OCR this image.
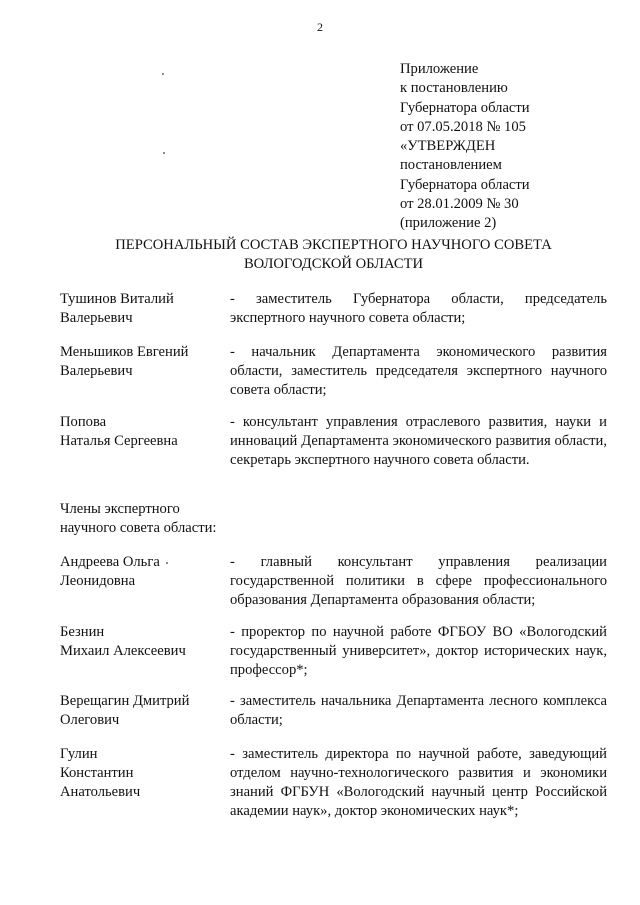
2
Приложение
к постановлению
Губернатора области
от 07.05.2018 № 105
«УТВЕРЖДЕН
постановлением
Губернатора области
от 28.01.2009 № 30
(приложение 2)
ПЕРСОНАЛЬНЫЙ СОСТАВ ЭКСПЕРТНОГО НАУЧНОГО СОВЕТА
ВОЛОГОДСКОЙ ОБЛАСТИ
Тушинов Виталий
Валерьевич
- заместитель Губернатора области, председатель экспертного научного совета области;
Меньшиков Евгений
Валерьевич
- начальник Департамента экономического развития области, заместитель председателя экспертного научного совета области;
Попова
Наталья Сергеевна
- консультант управления отраслевого развития, науки и инноваций Департамента экономического развития области, секретарь экспертного научного совета области.
Члены экспертного
научного совета области:
Андреева Ольга
Леонидовна
- главный консультант управления реализации государственной политики в сфере профессионального образования Департамента образования области;
Безнин
Михаил Алексеевич
- проректор по научной работе ФГБОУ ВО «Вологодский государственный университет», доктор исторических наук, профессор*;
Верещагин Дмитрий
Олегович
- заместитель начальника Департамента лесного комплекса области;
Гулин
Константин
Анатольевич
- заместитель директора по научной работе, заведующий отделом научно-технологического развития и экономики знаний ФГБУН «Вологодский научный центр Российской академии наук», доктор экономических наук*;
